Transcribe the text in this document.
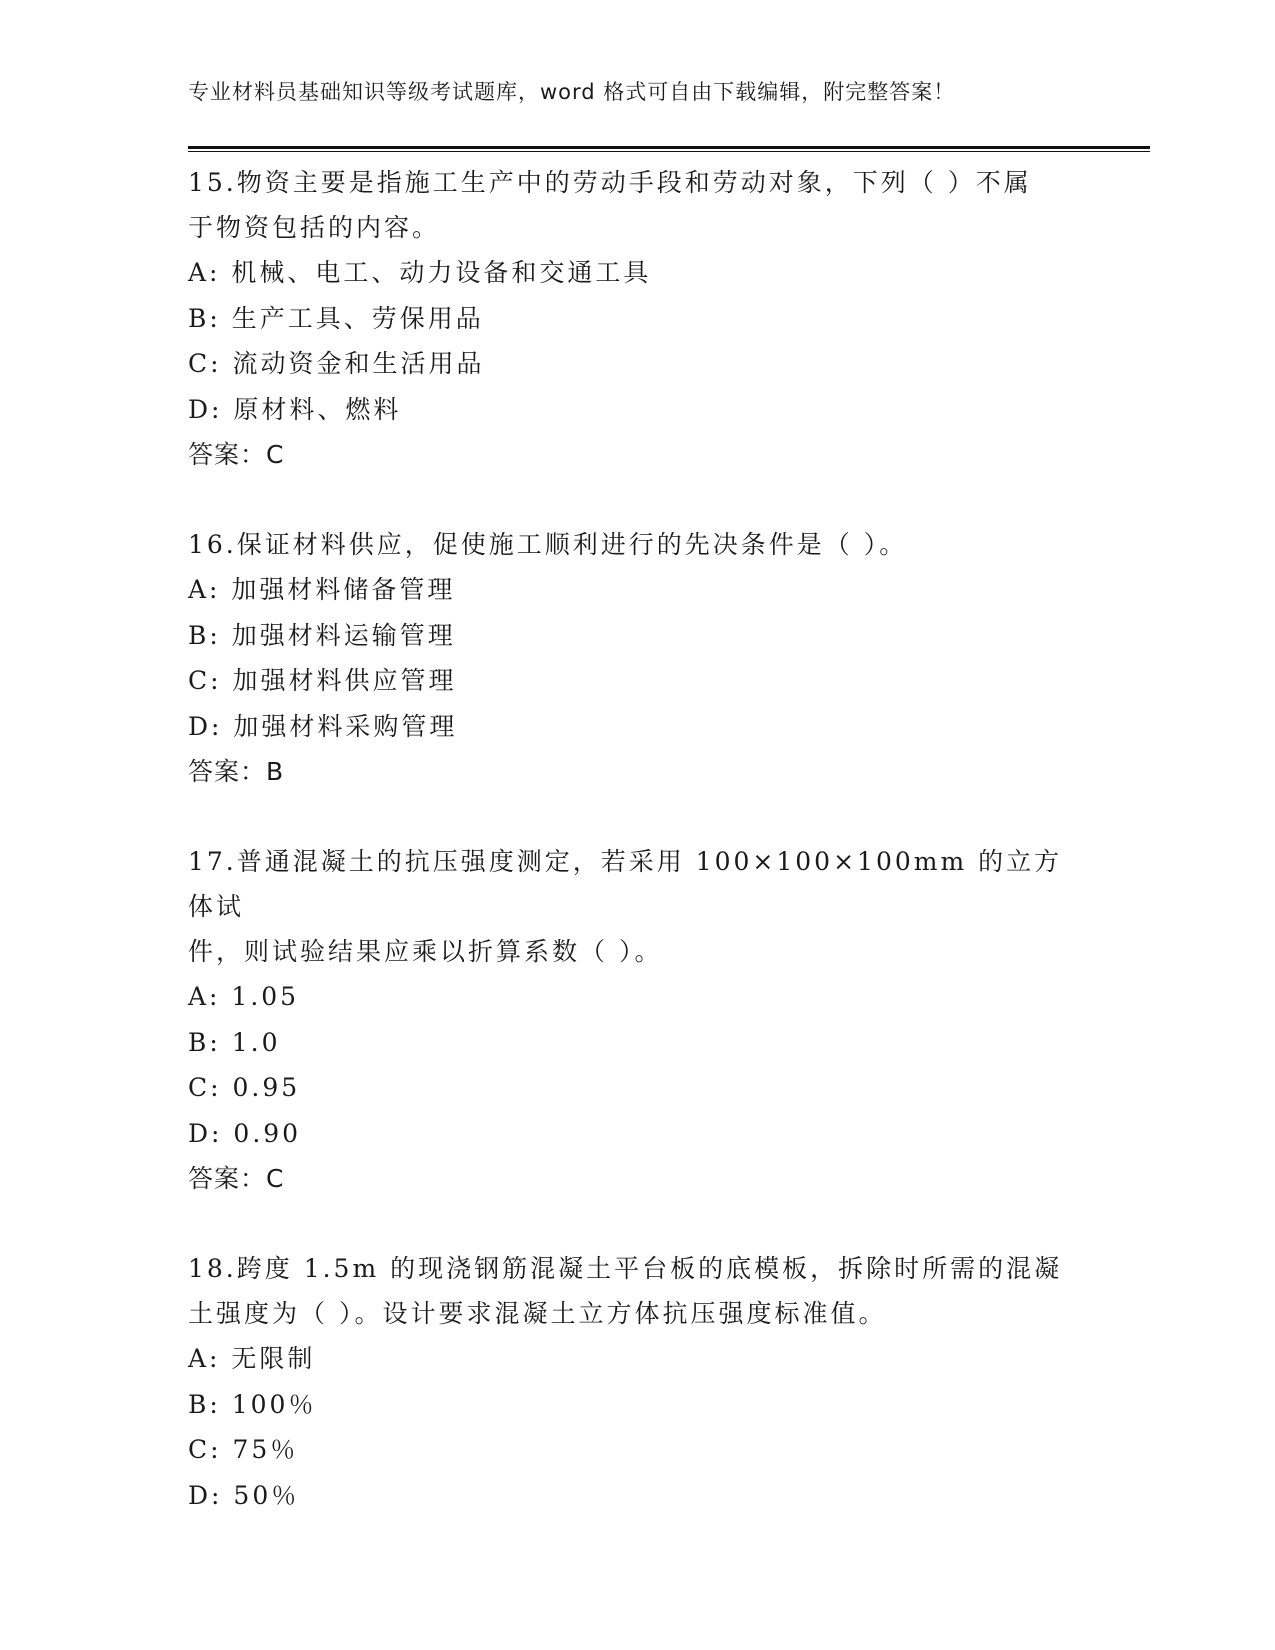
专业材料员基础知识等级考试题库，word 格式可自由下载编辑，附完整答案！

15.物资主要是指施工生产中的劳动手段和劳动对象，下列（ ）不属

于物资包括的内容。

A: 机械、电工、动力设备和交通工具

B: 生产工具、劳保用品

C: 流动资金和生活用品

D: 原材料、燃料

答案：C

16.保证材料供应，促使施工顺利进行的先决条件是（ ）。

A: 加强材料储备管理

B: 加强材料运输管理

C: 加强材料供应管理

D: 加强材料采购管理

答案：B

17.普通混凝土的抗压强度测定，若采用 100×100×100mm 的立方体试

件，则试验结果应乘以折算系数（ ）。

A: 1.05

B: 1.0

C: 0.95

D: 0.90

答案：C

18.跨度 1.5m 的现浇钢筋混凝土平台板的底模板，拆除时所需的混凝

土强度为（ ）。设计要求混凝土立方体抗压强度标准值。

A: 无限制

B: 100％

C: 75％

D: 50％
